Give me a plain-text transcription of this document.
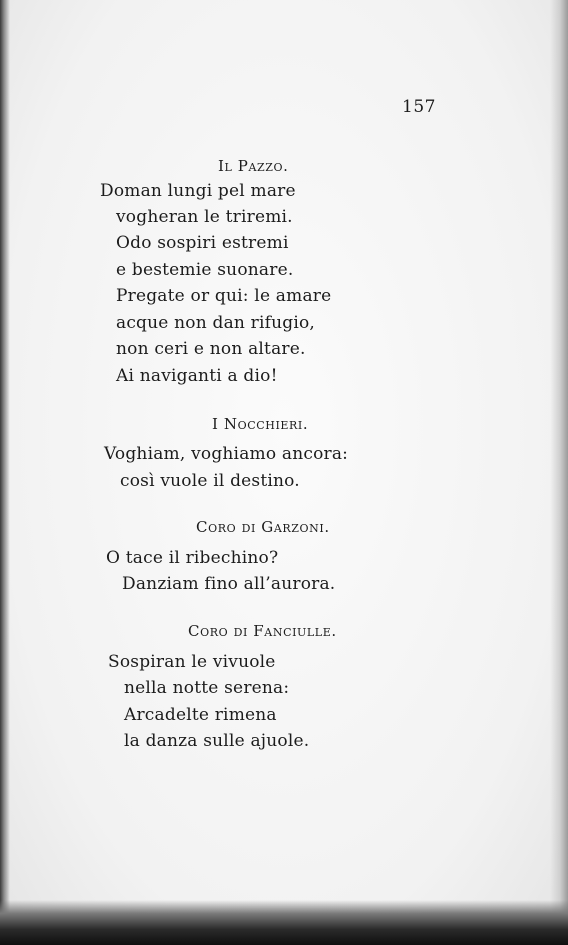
157
Il Pazzo.
Doman lungi pel mare
vogheran le triremi.
Odo sospiri estremi
e bestemie suonare.
Pregate or qui: le amare
acque non dan rifugio,
non ceri e non altare.
Ai naviganti a dio!
I Nocchieri.
Voghiam, voghiamo ancora:
così vuole il destino.
Coro di Garzoni.
O tace il ribechino?
Danziam fino all’aurora.
Coro di Fanciulle.
Sospiran le vivuole
nella notte serena:
Arcadelte rimena
la danza sulle ajuole.
